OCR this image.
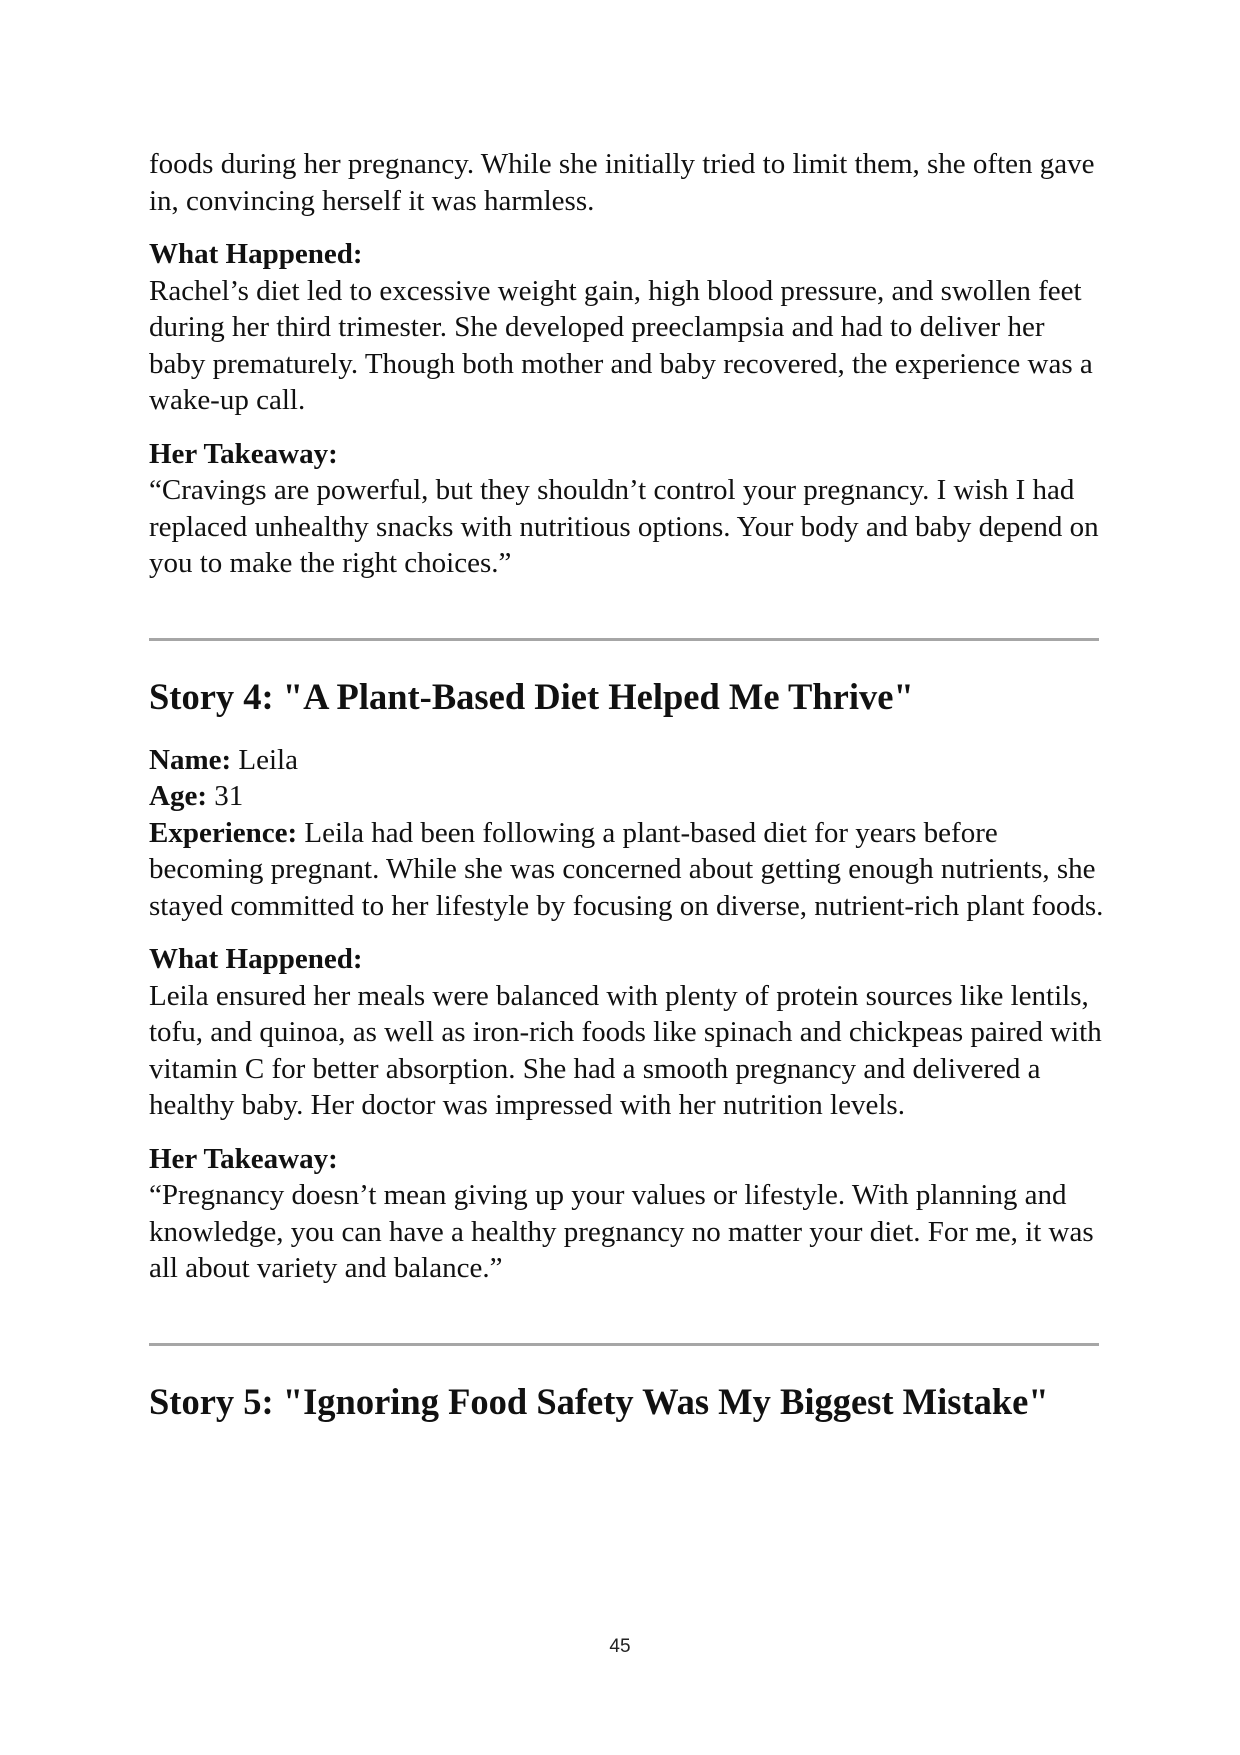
foods during her pregnancy. While she initially tried to limit them, she often gave in, convincing herself it was harmless.

What Happened:

Rachel’s diet led to excessive weight gain, high blood pressure, and swollen feet during her third trimester. She developed preeclampsia and had to deliver her baby prematurely. Though both mother and baby recovered, the experience was a wake-up call.

Her Takeaway:

“Cravings are powerful, but they shouldn’t control your pregnancy. I wish I had replaced unhealthy snacks with nutritious options. Your body and baby depend on you to make the right choices.”

Story 4: "A Plant-Based Diet Helped Me Thrive"

Name: Leila

Age: 31

Experience: Leila had been following a plant-based diet for years before becoming pregnant. While she was concerned about getting enough nutrients, she stayed committed to her lifestyle by focusing on diverse, nutrient-rich plant foods.

What Happened:

Leila ensured her meals were balanced with plenty of protein sources like lentils, tofu, and quinoa, as well as iron-rich foods like spinach and chickpeas paired with vitamin C for better absorption. She had a smooth pregnancy and delivered a healthy baby. Her doctor was impressed with her nutrition levels.

Her Takeaway:

“Pregnancy doesn’t mean giving up your values or lifestyle. With planning and knowledge, you can have a healthy pregnancy no matter your diet. For me, it was all about variety and balance.”

Story 5: "Ignoring Food Safety Was My Biggest Mistake"
45
